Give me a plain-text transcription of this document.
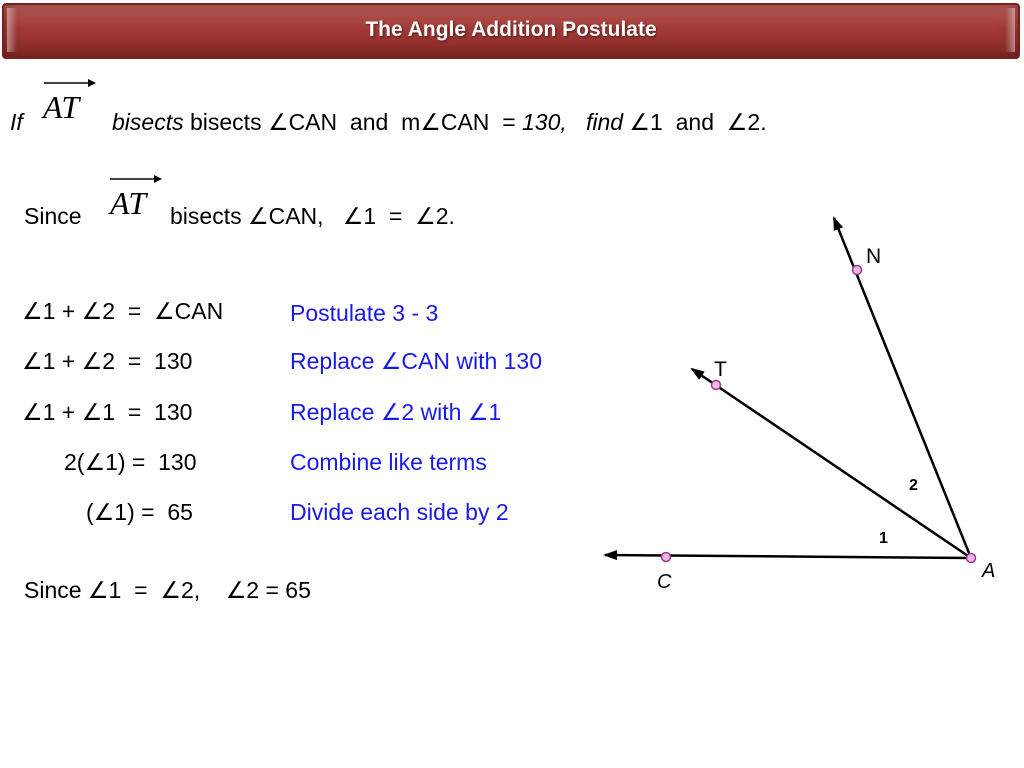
The Angle Addition Postulate
If AT bisects bisects ∠CAN  and  m∠CAN  = 130, find ∠1  and  ∠2.
Since AT bisects ∠CAN,   ∠1  =  ∠2.
∠1 + ∠2  =  ∠CAN	Postulate 3 - 3
∠1 + ∠2  =  130	Replace ∠CAN with 130
∠1 + ∠1  =  130	Replace ∠2 with ∠1
2(∠1) =  130	Combine like terms
(∠1) =  65	Divide each side by 2
Since ∠1  =  ∠2,    ∠2 = 65
N
T
A
C
2
1
